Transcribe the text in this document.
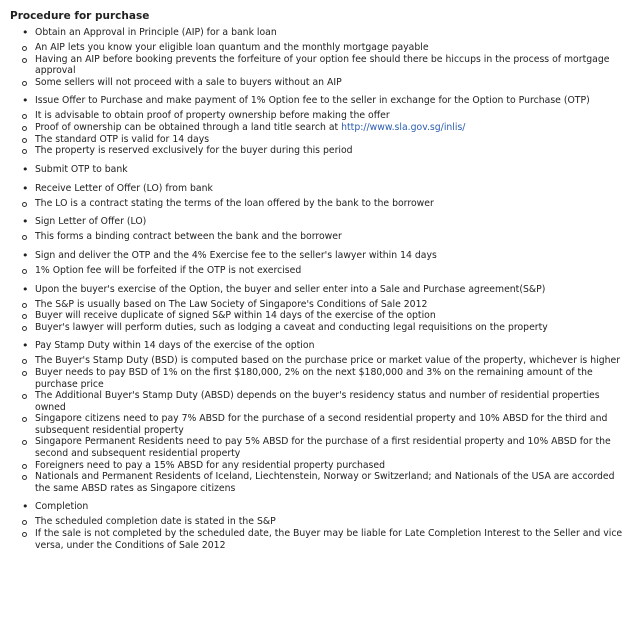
Procedure for purchase
• Obtain an Approval in Principle (AIP) for a bank loan
An AIP lets you know your eligible loan quantum and the monthly mortgage payable
Having an AIP before booking prevents the forfeiture of your option fee should there be hiccups in the process of mortgage approval
Some sellers will not proceed with a sale to buyers without an AIP
• Issue Offer to Purchase and make payment of 1% Option fee to the seller in exchange for the Option to Purchase (OTP)
It is advisable to obtain proof of property ownership before making the offer
Proof of ownership can be obtained through a land title search at http://www.sla.gov.sg/inlis/
The standard OTP is valid for 14 days
The property is reserved exclusively for the buyer during this period
• Submit OTP to bank
• Receive Letter of Offer (LO) from bank
The LO is a contract stating the terms of the loan offered by the bank to the borrower
• Sign Letter of Offer (LO)
This forms a binding contract between the bank and the borrower
• Sign and deliver the OTP and the 4% Exercise fee to the seller's lawyer within 14 days
1% Option fee will be forfeited if the OTP is not exercised
• Upon the buyer's exercise of the Option, the buyer and seller enter into a Sale and Purchase agreement(S&P)
The S&P is usually based on The Law Society of Singapore's Conditions of Sale 2012
Buyer will receive duplicate of signed S&P within 14 days of the exercise of the option
Buyer's lawyer will perform duties, such as lodging a caveat and conducting legal requisitions on the property
• Pay Stamp Duty within 14 days of the exercise of the option
The Buyer's Stamp Duty (BSD) is computed based on the purchase price or market value of the property, whichever is higher
Buyer needs to pay BSD of 1% on the first $180,000, 2% on the next $180,000 and 3% on the remaining amount of the purchase price
The Additional Buyer's Stamp Duty (ABSD) depends on the buyer's residency status and number of residential properties owned
Singapore citizens need to pay 7% ABSD for the purchase of a second residential property and 10% ABSD for the third and subsequent residential property
Singapore Permanent Residents need to pay 5% ABSD for the purchase of a first residential property and 10% ABSD for the second and subsequent residential property
Foreigners need to pay a 15% ABSD for any residential property purchased
Nationals and Permanent Residents of Iceland, Liechtenstein, Norway or Switzerland; and Nationals of the USA are accorded the same ABSD rates as Singapore citizens
• Completion
The scheduled completion date is stated in the S&P
If the sale is not completed by the scheduled date, the Buyer may be liable for Late Completion Interest to the Seller and vice versa, under the Conditions of Sale 2012
